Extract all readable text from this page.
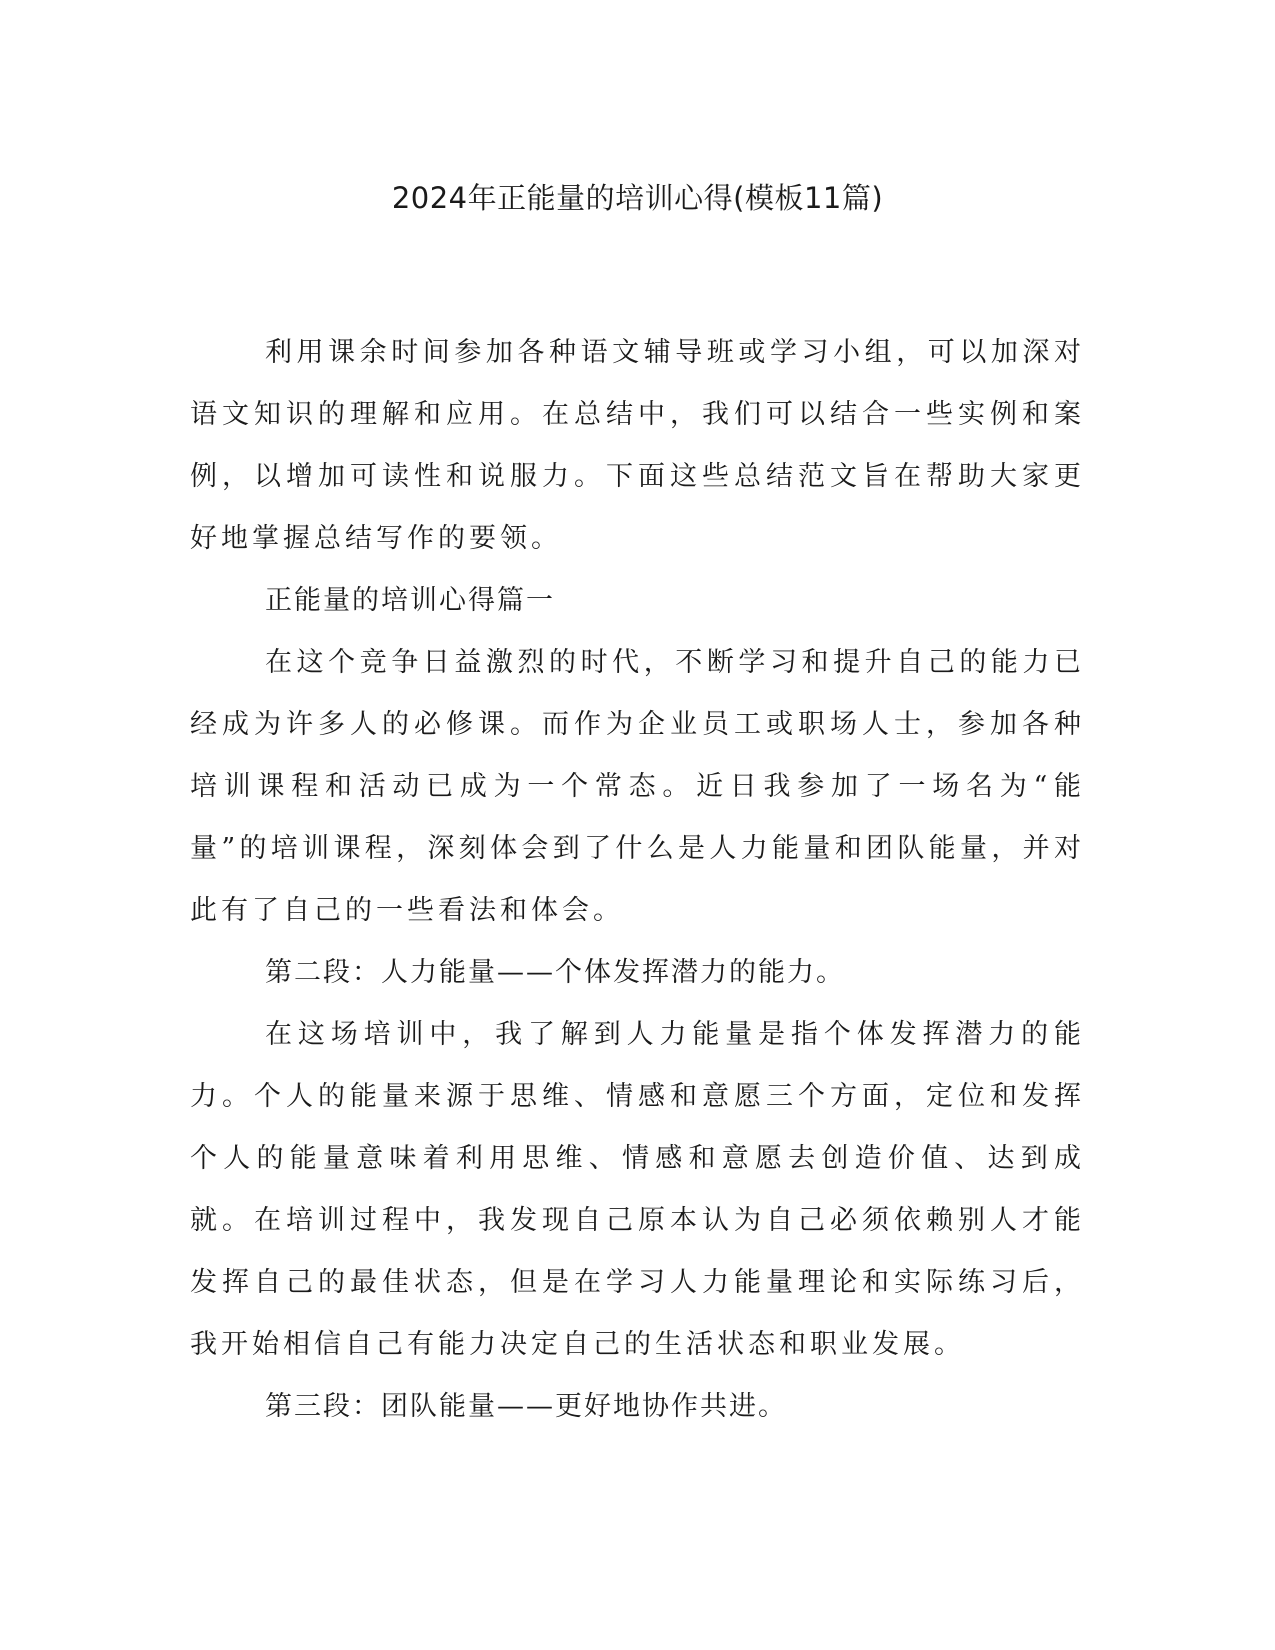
2024年正能量的培训心得(模板11篇)

利用课余时间参加各种语文辅导班或学习小组，可以加深对语文知识的理解和应用。在总结中，我们可以结合一些实例和案例，以增加可读性和说服力。下面这些总结范文旨在帮助大家更好地掌握总结写作的要领。

正能量的培训心得篇一

在这个竞争日益激烈的时代，不断学习和提升自己的能力已经成为许多人的必修课。而作为企业员工或职场人士，参加各种培训课程和活动已成为一个常态。近日我参加了一场名为“能量”的培训课程，深刻体会到了什么是人力能量和团队能量，并对此有了自己的一些看法和体会。

第二段：人力能量——个体发挥潜力的能力。

在这场培训中，我了解到人力能量是指个体发挥潜力的能力。个人的能量来源于思维、情感和意愿三个方面，定位和发挥个人的能量意味着利用思维、情感和意愿去创造价值、达到成就。在培训过程中，我发现自己原本认为自己必须依赖别人才能发挥自己的最佳状态，但是在学习人力能量理论和实际练习后，我开始相信自己有能力决定自己的生活状态和职业发展。

第三段：团队能量——更好地协作共进。
